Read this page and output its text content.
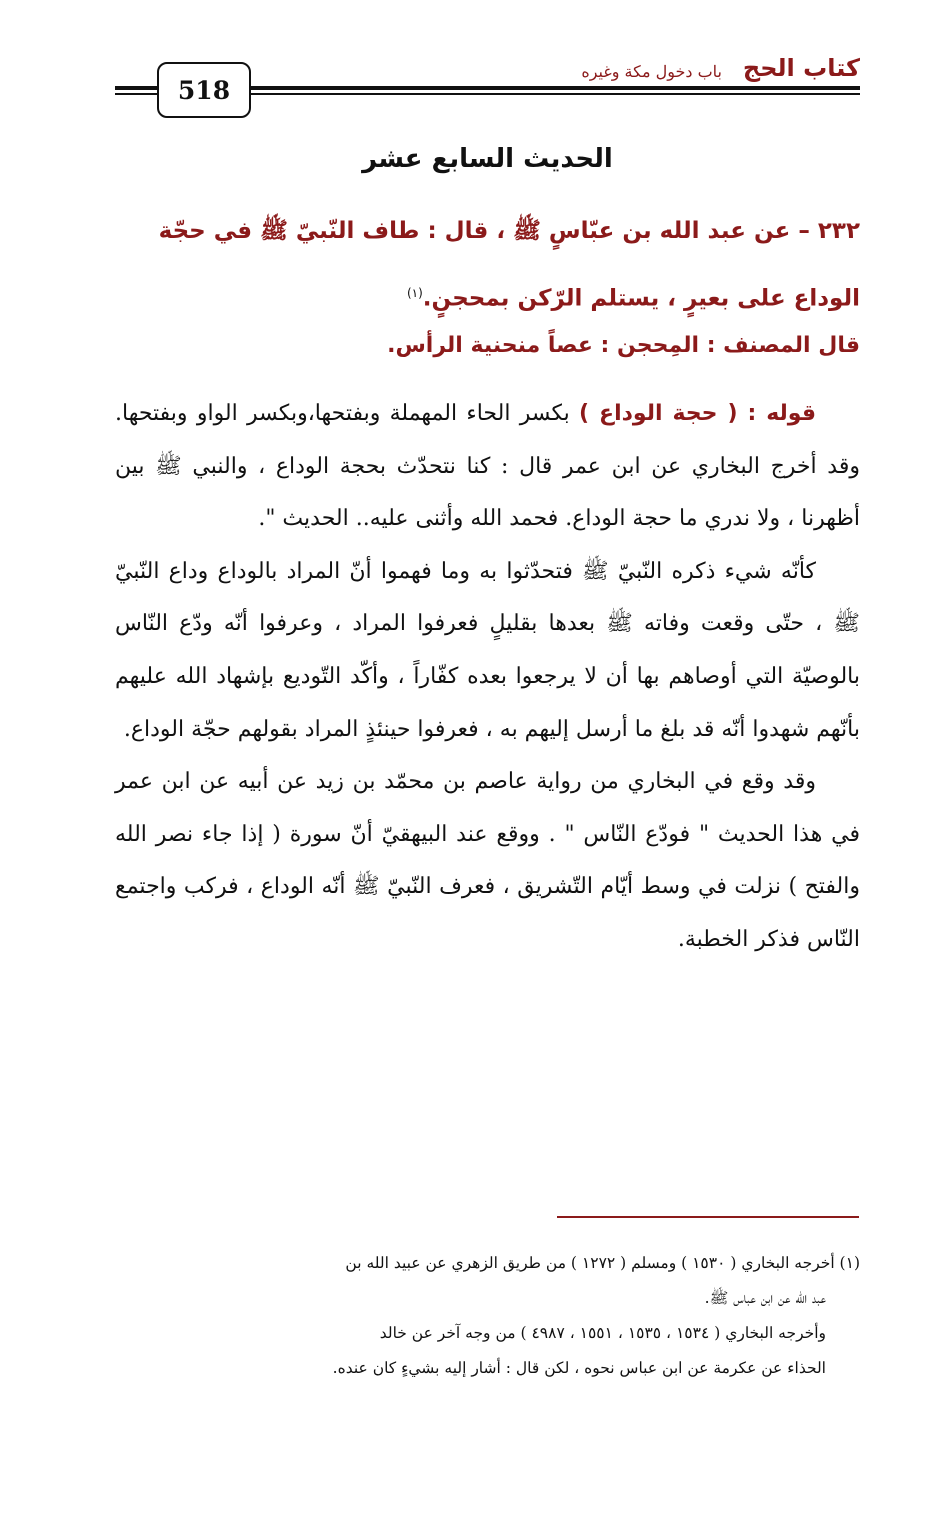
كتاب الحج
باب دخول مكة وغيره
518
الحديث السابع عشر
٢٣٢ – عن عبد الله بن عبّاسٍ ﷺ ، قال : طاف النّبيّ ﷺ في حجّة
الوداع على بعيرٍ ، يستلم الرّكن بمحجنٍ.$^{(١)}$
قال المصنف : المِحجن : عصاً منحنية الرأس.

  قوله : ( حجة الوداع ) بكسر الحاء المهملة وبفتحها،وبكسر الواو وبفتحها. وقد أخرج البخاري عن ابن عمر قال : كنا نتحدّث بحجة الوداع ، والنبي ﷺ بين أظهرنا ، ولا ندري ما حجة الوداع. فحمد الله وأثنى عليه.. الحديث ".

  كأنّه شيء ذكره النّبيّ ﷺ فتحدّثوا به وما فهموا أنّ المراد بالوداع وداع النّبيّ ﷺ ، حتّى وقعت وفاته ﷺ بعدها بقليلٍ فعرفوا المراد ، وعرفوا أنّه ودّع النّاس بالوصيّة التي أوصاهم بها أن لا يرجعوا بعده كفّاراً ، وأكّد التّوديع بإشهاد الله عليهم بأنّهم شهدوا أنّه قد بلغ ما أرسل إليهم به ، فعرفوا حينئذٍ المراد بقولهم حجّة الوداع.

  وقد وقع في البخاري من رواية عاصم بن محمّد بن زيد عن أبيه عن ابن عمر في هذا الحديث " فودّع النّاس " . ووقع عند البيهقيّ أنّ سورة ( إذا جاء نصر الله والفتح ) نزلت في وسط أيّام التّشريق ، فعرف النّبيّ ﷺ أنّه الوداع ، فركب واجتمع النّاس فذكر الخطبة.

(١) أخرجه البخاري ( ١٥٣٠ ) ومسلم ( ١٢٧٢ ) من طريق الزهري عن عبيد الله بن

عبد الله عن ابن عباس ﷺ.

وأخرجه البخاري ( ١٥٣٤ ، ١٥٣٥ ، ١٥٥١ ، ٤٩٨٧ ) من وجه آخر عن خالد

الحذاء عن عكرمة عن ابن عباس نحوه ، لكن قال : أشار إليه بشيءٍ كان عنده.
